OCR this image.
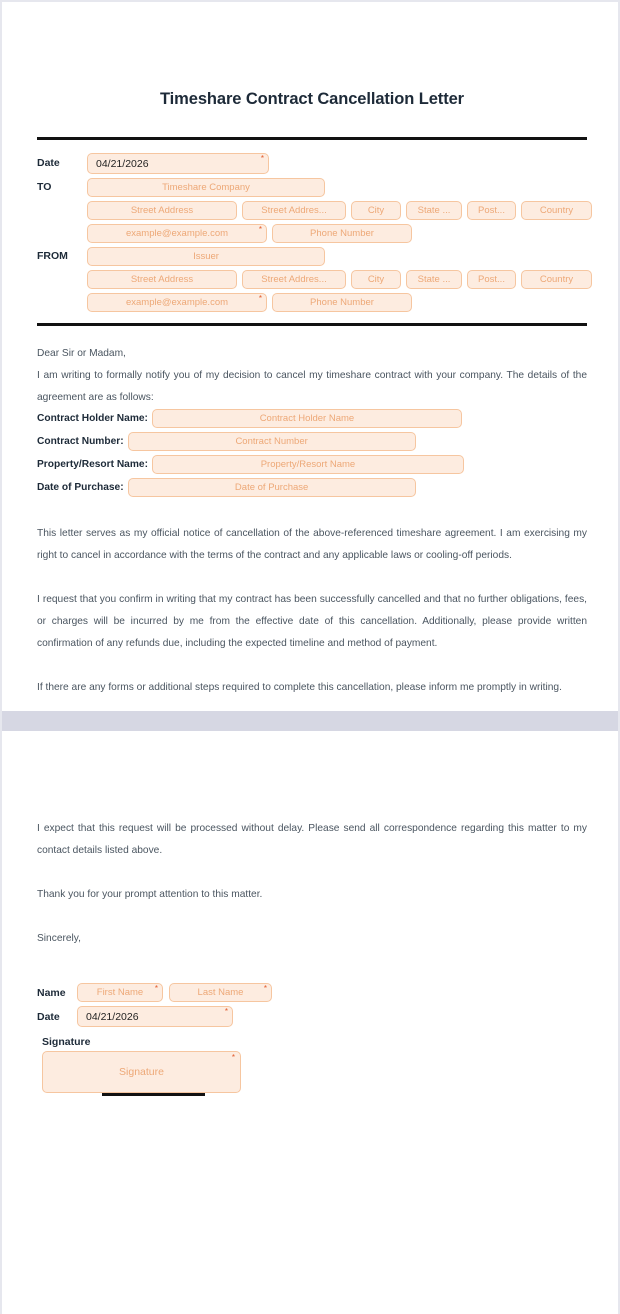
Timeshare Contract Cancellation Letter
Date	04/21/2026	*
TO	Timeshare Company
Street Address	Street Addres...	City	State ...	Post...	Country
example@example.com	*	Phone Number
FROM	Issuer
Street Address	Street Addres...	City	State ...	Post...	Country
example@example.com	*	Phone Number

Dear Sir or Madam,

I am writing to formally notify you of my decision to cancel my timeshare contract with your company. The details of the agreement are as follows:

Contract Holder Name:	Contract Holder Name
Contract Number:	Contract Number
Property/Resort Name:	Property/Resort Name
Date of Purchase:	Date of Purchase

This letter serves as my official notice of cancellation of the above-referenced timeshare agreement. I am exercising my right to cancel in accordance with the terms of the contract and any applicable laws or cooling-off periods.

I request that you confirm in writing that my contract has been successfully cancelled and that no further obligations, fees, or charges will be incurred by me from the effective date of this cancellation. Additionally, please provide written confirmation of any refunds due, including the expected timeline and method of payment.

If there are any forms or additional steps required to complete this cancellation, please inform me promptly in writing.

I expect that this request will be processed without delay. Please send all correspondence regarding this matter to my contact details listed above.

Thank you for your prompt attention to this matter.

Sincerely,

Name	First Name *	Last Name	*
Date	04/21/2026	*
Signature
Signature
*
